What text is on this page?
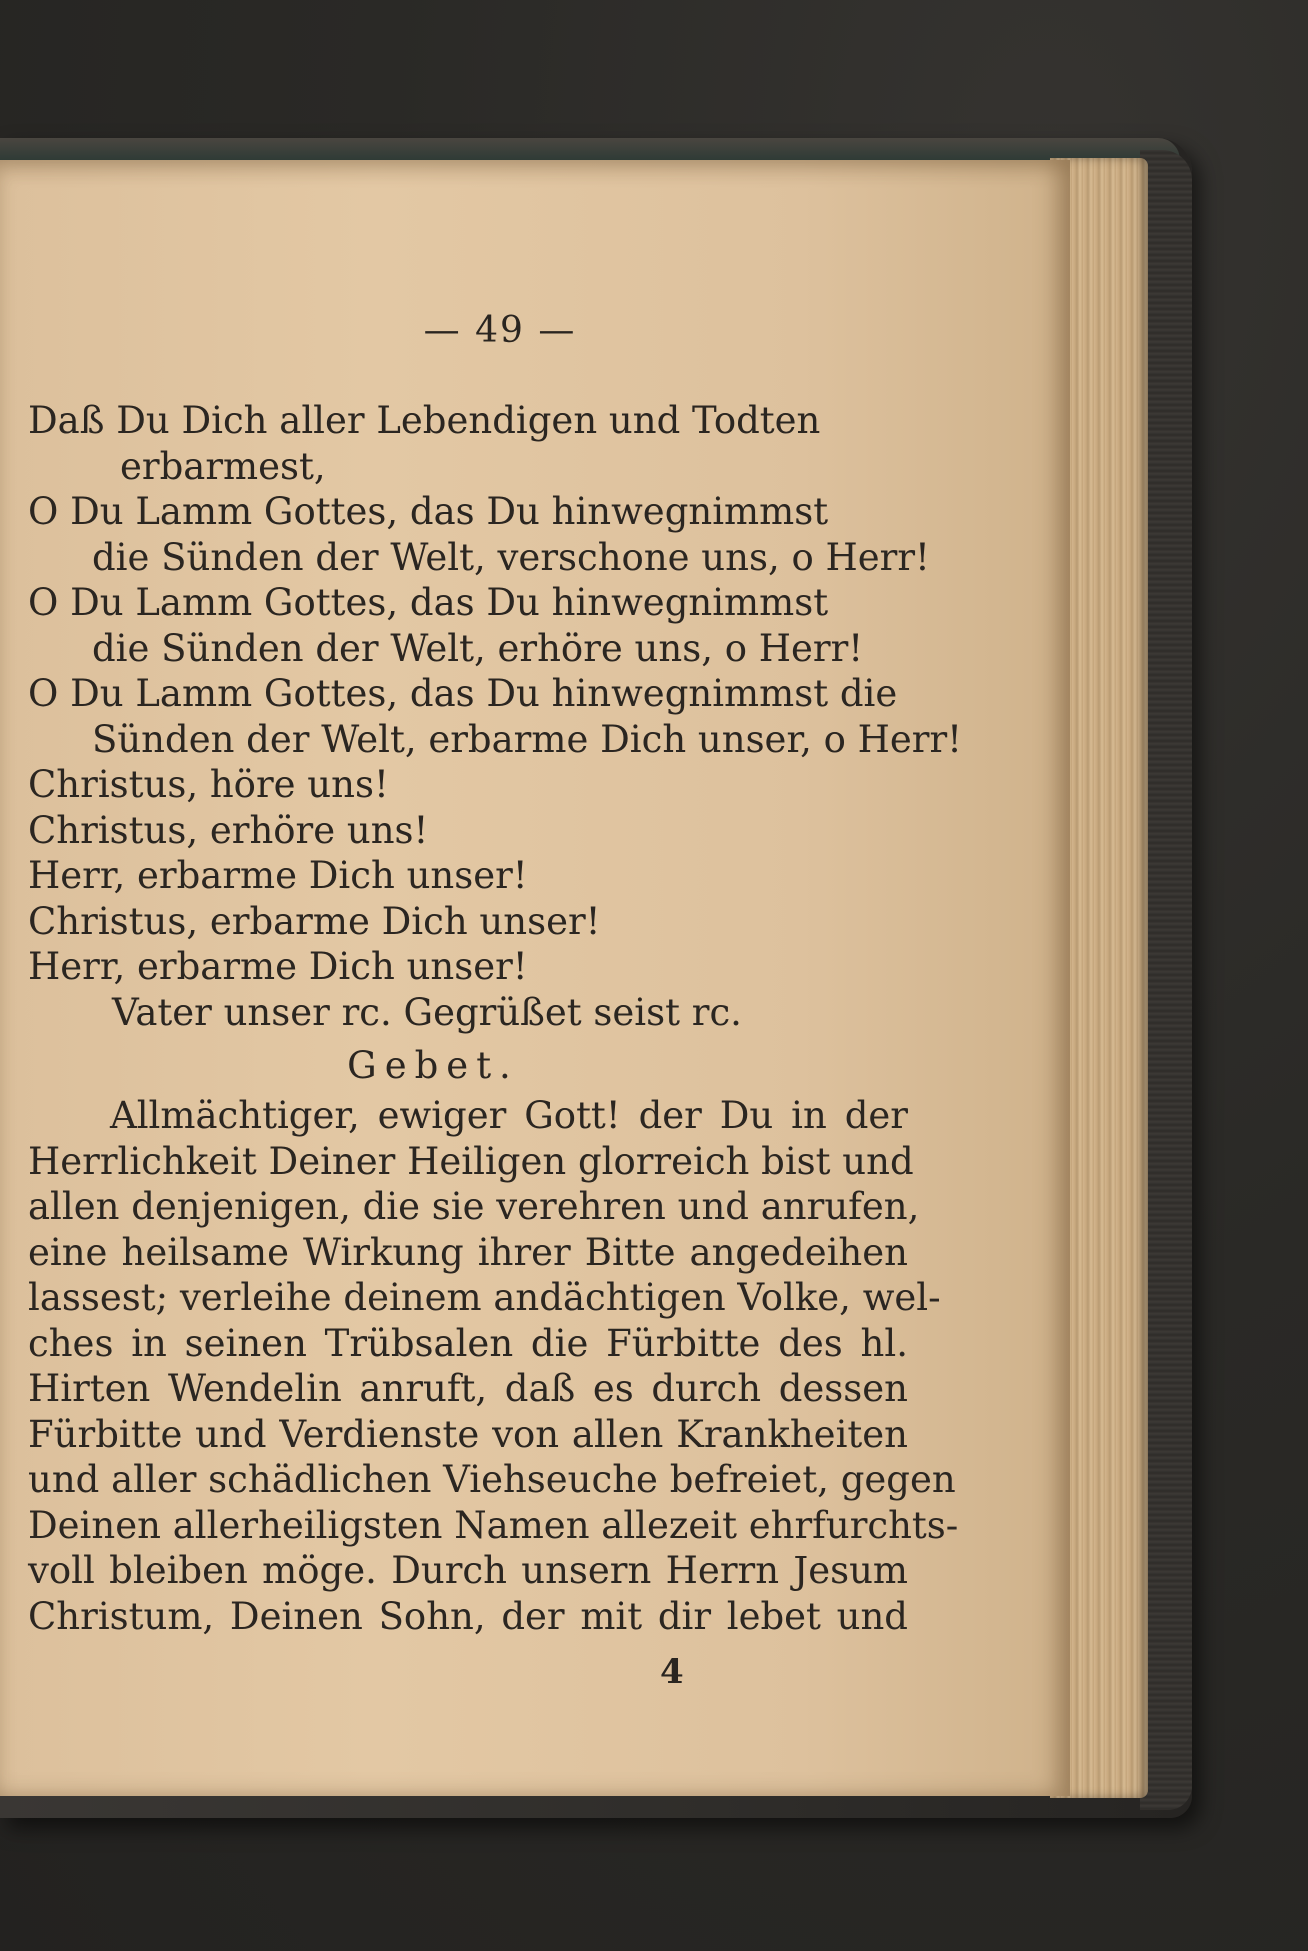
— 49 —
Daß Du Dich aller Lebendigen und Todten
erbarmest,
O Du Lamm Gottes, das Du hinwegnimmst
die Sünden der Welt, verschone uns, o Herr!
O Du Lamm Gottes, das Du hinwegnimmst
die Sünden der Welt, erhöre uns, o Herr!
O Du Lamm Gottes, das Du hinwegnimmst die
Sünden der Welt, erbarme Dich unser, o Herr!
Christus, höre uns!
Christus, erhöre uns!
Herr, erbarme Dich unser!
Christus, erbarme Dich unser!
Herr, erbarme Dich unser!
Vater unser rc. Gegrüßet seist rc.
Gebet.
Allmächtiger, ewiger Gott! der Du in der
Herrlichkeit Deiner Heiligen glorreich bist und
allen denjenigen, die sie verehren und anrufen,
eine heilsame Wirkung ihrer Bitte angedeihen
lassest; verleihe deinem andächtigen Volke, wel-
ches in seinen Trübsalen die Fürbitte des hl.
Hirten Wendelin anruft, daß es durch dessen
Fürbitte und Verdienste von allen Krankheiten
und aller schädlichen Viehseuche befreiet, gegen
Deinen allerheiligsten Namen allezeit ehrfurchts-
voll bleiben möge. Durch unsern Herrn Jesum
Christum, Deinen Sohn, der mit dir lebet und
4
